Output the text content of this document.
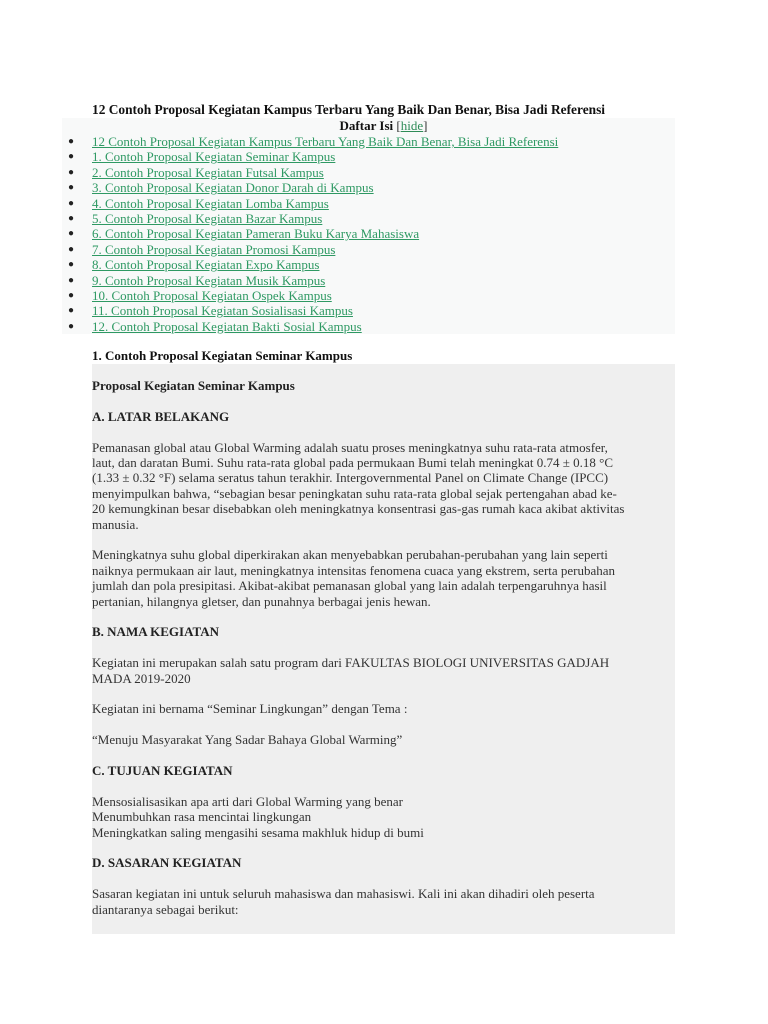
12 Contoh Proposal Kegiatan Kampus Terbaru Yang Baik Dan Benar, Bisa Jadi Referensi
Daftar Isi [hide]
● 12 Contoh Proposal Kegiatan Kampus Terbaru Yang Baik Dan Benar, Bisa Jadi Referensi
● 1. Contoh Proposal Kegiatan Seminar Kampus
● 2. Contoh Proposal Kegiatan Futsal Kampus
● 3. Contoh Proposal Kegiatan Donor Darah di Kampus
● 4. Contoh Proposal Kegiatan Lomba Kampus
● 5. Contoh Proposal Kegiatan Bazar Kampus
● 6. Contoh Proposal Kegiatan Pameran Buku Karya Mahasiswa
● 7. Contoh Proposal Kegiatan Promosi Kampus
● 8. Contoh Proposal Kegiatan Expo Kampus
● 9. Contoh Proposal Kegiatan Musik Kampus
● 10. Contoh Proposal Kegiatan Ospek Kampus
● 11. Contoh Proposal Kegiatan Sosialisasi Kampus
● 12. Contoh Proposal Kegiatan Bakti Sosial Kampus
1. Contoh Proposal Kegiatan Seminar Kampus

Proposal Kegiatan Seminar Kampus

A. LATAR BELAKANG

Pemanasan global atau Global Warming adalah suatu proses meningkatnya suhu rata-rata atmosfer,

laut, dan daratan Bumi. Suhu rata-rata global pada permukaan Bumi telah meningkat 0.74 ± 0.18 °C

(1.33 ± 0.32 °F) selama seratus tahun terakhir. Intergovernmental Panel on Climate Change (IPCC)

menyimpulkan bahwa, “sebagian besar peningkatan suhu rata-rata global sejak pertengahan abad ke-

20 kemungkinan besar disebabkan oleh meningkatnya konsentrasi gas-gas rumah kaca akibat aktivitas

manusia.

Meningkatnya suhu global diperkirakan akan menyebabkan perubahan-perubahan yang lain seperti

naiknya permukaan air laut, meningkatnya intensitas fenomena cuaca yang ekstrem, serta perubahan

jumlah dan pola presipitasi. Akibat-akibat pemanasan global yang lain adalah terpengaruhnya hasil

pertanian, hilangnya gletser, dan punahnya berbagai jenis hewan.

B. NAMA KEGIATAN

Kegiatan ini merupakan salah satu program dari FAKULTAS BIOLOGI UNIVERSITAS GADJAH

MADA 2019-2020

Kegiatan ini bernama “Seminar Lingkungan” dengan Tema :

“Menuju Masyarakat Yang Sadar Bahaya Global Warming”

C. TUJUAN KEGIATAN

Mensosialisasikan apa arti dari Global Warming yang benar

Menumbuhkan rasa mencintai lingkungan

Meningkatkan saling mengasihi sesama makhluk hidup di bumi

D. SASARAN KEGIATAN

Sasaran kegiatan ini untuk seluruh mahasiswa dan mahasiswi. Kali ini akan dihadiri oleh peserta

diantaranya sebagai berikut:
